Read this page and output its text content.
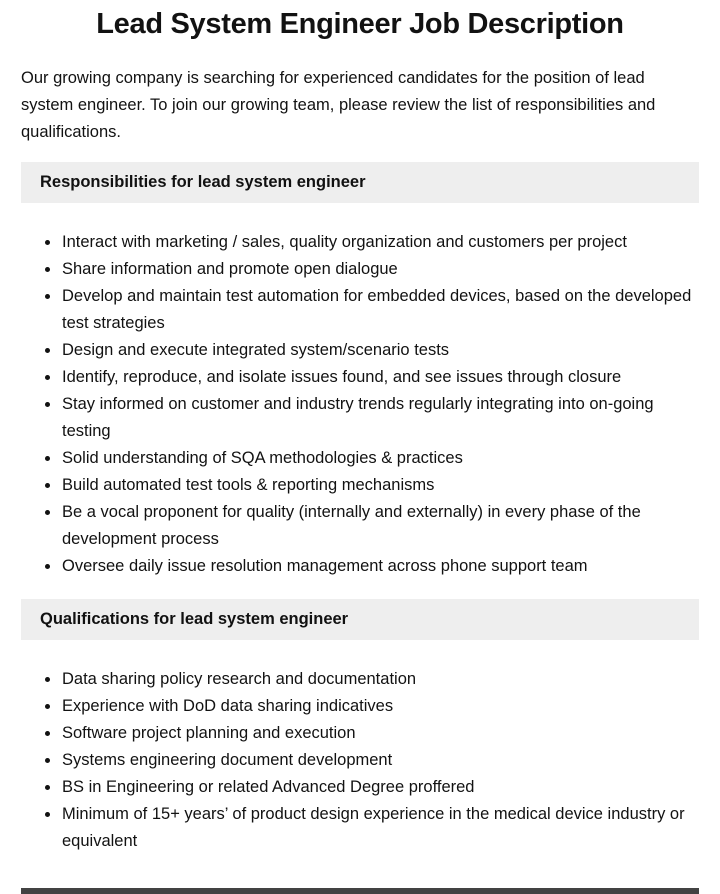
Lead System Engineer Job Description

Our growing company is searching for experienced candidates for the position of lead system engineer. To join our growing team, please review the list of responsibilities and qualifications.

Responsibilities for lead system engineer
• Interact with marketing / sales, quality organization and customers per project
• Share information and promote open dialogue
• Develop and maintain test automation for embedded devices, based on the developed test strategies
• Design and execute integrated system/scenario tests
• Identify, reproduce, and isolate issues found, and see issues through closure
• Stay informed on customer and industry trends regularly integrating into on-going testing
• Solid understanding of SQA methodologies & practices
• Build automated test tools & reporting mechanisms
• Be a vocal proponent for quality (internally and externally) in every phase of the development process
• Oversee daily issue resolution management across phone support team
Qualifications for lead system engineer
• Data sharing policy research and documentation
• Experience with DoD data sharing indicatives
• Software project planning and execution
• Systems engineering document development
• BS in Engineering or related Advanced Degree proffered
• Minimum of 15+ years’ of product design experience in the medical device industry or equivalent
